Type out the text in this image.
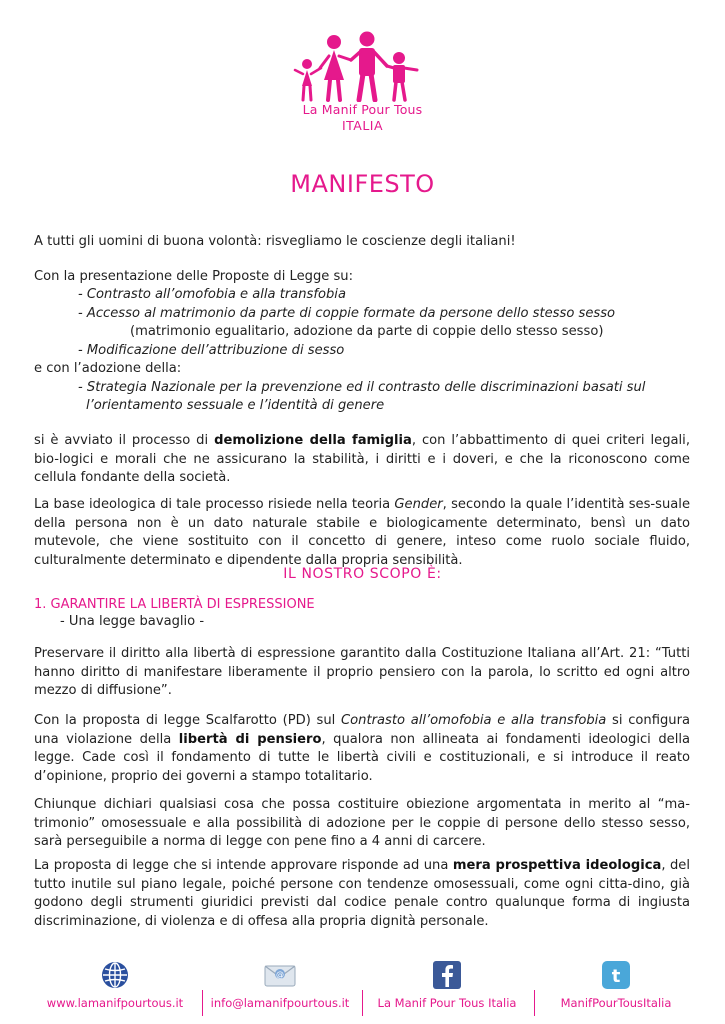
La Manif Pour Tous
ITALIA
MANIFESTO
A tutti gli uomini di buona volontà: risvegliamo le coscienze degli italiani!
Con la presentazione delle Proposte di Legge su:
- Contrasto all’omofobia e alla transfobia
- Accesso al matrimonio da parte di coppie formate da persone dello stesso sesso
(matrimonio egualitario, adozione da parte di coppie dello stesso sesso)
- Modificazione dell’attribuzione di sesso
e con l’adozione della:
- Strategia Nazionale per la prevenzione ed il contrasto delle discriminazioni basati sul
l’orientamento sessuale e l’identità di genere
si è avviato il processo di demolizione della famiglia, con l’abbattimento di quei criteri legali, bio-logici e morali che ne assicurano la stabilità, i diritti e i doveri, e che la riconoscono come cellula fondante della società.
La base ideologica di tale processo risiede nella teoria Gender, secondo la quale l’identità ses-suale della persona non è un dato naturale stabile e biologicamente determinato, bensì un dato mutevole, che viene sostituito con il concetto di genere, inteso come ruolo sociale fluido, culturalmente determinato e dipendente dalla propria sensibilità.
IL NOSTRO SCOPO È:
1. GARANTIRE LA LIBERTÀ DI ESPRESSIONE
- Una legge bavaglio -
Preservare il diritto alla libertà di espressione garantito dalla Costituzione Italiana all’Art. 21: “Tutti hanno diritto di manifestare liberamente il proprio pensiero con la parola, lo scritto ed ogni altro mezzo di diffusione”.
Con la proposta di legge Scalfarotto (PD) sul Contrasto all’omofobia e alla transfobia si configura una violazione della libertà di pensiero, qualora non allineata ai fondamenti ideologici della legge. Cade così il fondamento di tutte le libertà civili e costituzionali, e si introduce il reato d’opinione, proprio dei governi a stampo totalitario.
Chiunque dichiari qualsiasi cosa che possa costituire obiezione argomentata in merito al “ma-trimonio” omosessuale e alla possibilità di adozione per le coppie di persone dello stesso sesso, sarà perseguibile a norma di legge con pene fino a 4 anni di carcere.
La proposta di legge che si intende approvare risponde ad una mera prospettiva ideologica, del tutto inutile sul piano legale, poiché persone con tendenze omosessuali, come ogni citta-dino, già godono degli strumenti giuridici previsti dal codice penale contro qualunque forma di ingiusta discriminazione, di violenza e di offesa alla propria dignità personale.
www.lamanifpourtous.it
@
info@lamanifpourtous.it	La Manif Pour Tous Italia
t
ManifPourTousItalia
